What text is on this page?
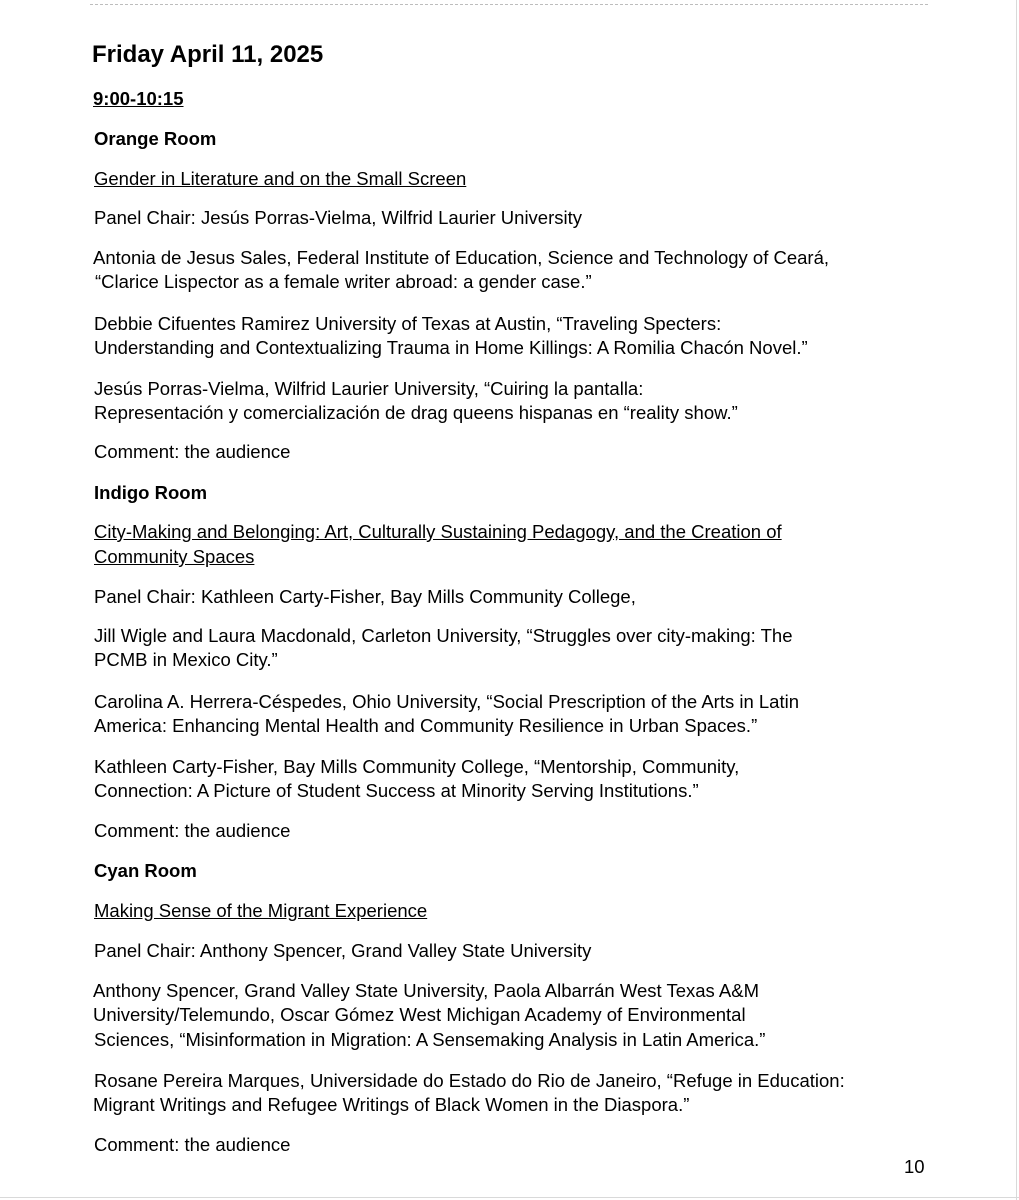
Friday April 11, 2025
9:00-10:15
Orange Room
Gender in Literature and on the Small Screen
Panel Chair: Jesús Porras-Vielma, Wilfrid Laurier University
Antonia de Jesus Sales, Federal Institute of Education, Science and Technology of Ceará,
“Clarice Lispector as a female writer abroad: a gender case.”
Debbie Cifuentes Ramirez University of Texas at Austin, “Traveling Specters:
Understanding and Contextualizing Trauma in Home Killings: A Romilia Chacón Novel.”
Jesús Porras-Vielma, Wilfrid Laurier University, “Cuiring la pantalla:
Representación y comercialización de drag queens hispanas en “reality show.”
Comment: the audience
Indigo Room
City-Making and Belonging: Art, Culturally Sustaining Pedagogy, and the Creation of
Community Spaces
Panel Chair: Kathleen Carty-Fisher, Bay Mills Community College,
Jill Wigle and Laura Macdonald, Carleton University, “Struggles over city-making: The
PCMB in Mexico City.”
Carolina A. Herrera-Céspedes, Ohio University, “Social Prescription of the Arts in Latin
America: Enhancing Mental Health and Community Resilience in Urban Spaces.”
Kathleen Carty-Fisher, Bay Mills Community College, “Mentorship, Community,
Connection: A Picture of Student Success at Minority Serving Institutions.”
Comment: the audience
Cyan Room
Making Sense of the Migrant Experience
Panel Chair: Anthony Spencer, Grand Valley State University
Anthony Spencer, Grand Valley State University, Paola Albarrán West Texas A&M
University/Telemundo, Oscar Gómez West Michigan Academy of Environmental
Sciences, “Misinformation in Migration: A Sensemaking Analysis in Latin America.”
Rosane Pereira Marques, Universidade do Estado do Rio de Janeiro, “Refuge in Education:
Migrant Writings and Refugee Writings of Black Women in the Diaspora.”
Comment: the audience
10
